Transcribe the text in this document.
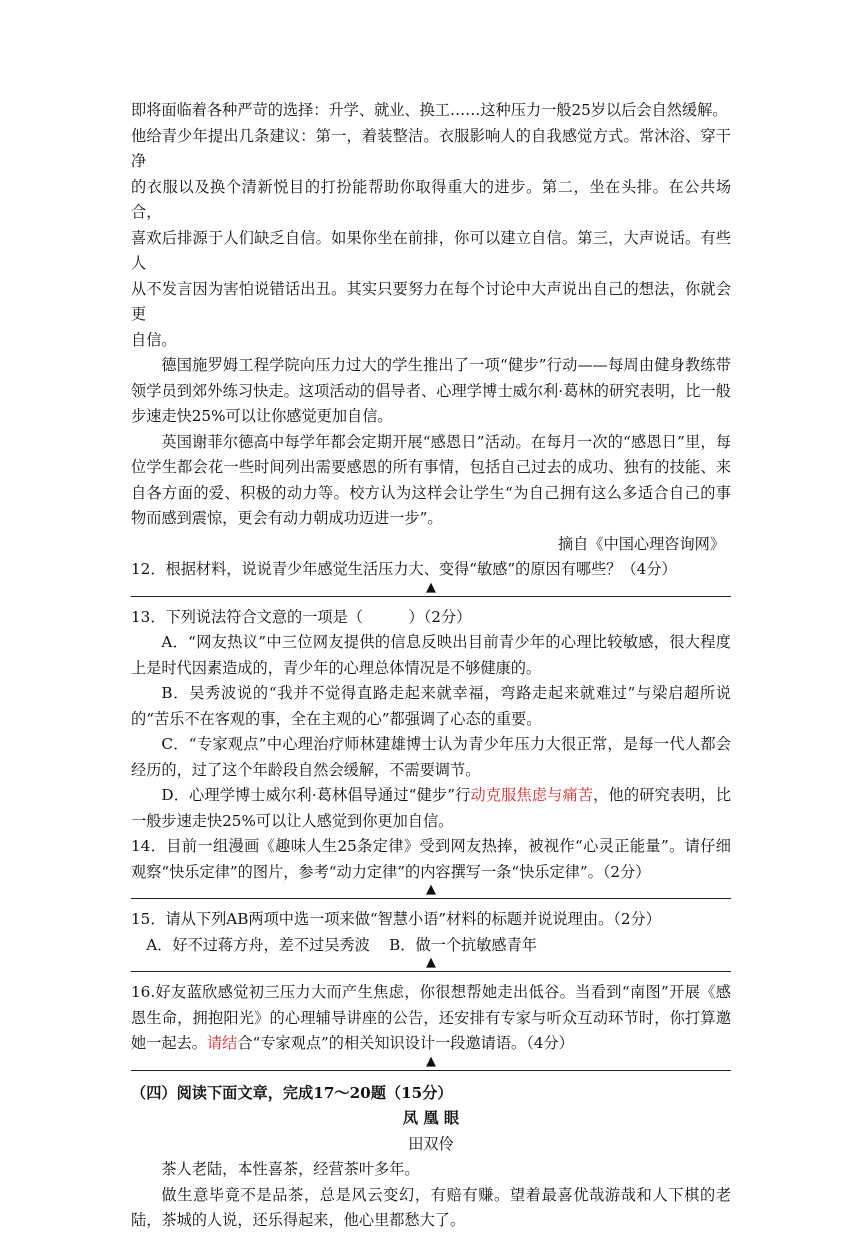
即将面临着各种严苛的选择：升学、就业、换工……这种压力一般25岁以后会自然缓解。

他给青少年提出几条建议：第一，着装整洁。衣服影响人的自我感觉方式。常沐浴、穿干净

的衣服以及换个清新悦目的打扮能帮助你取得重大的进步。第二，坐在头排。在公共场合，

喜欢后排源于人们缺乏自信。如果你坐在前排，你可以建立自信。第三，大声说话。有些人

从不发言因为害怕说错话出丑。其实只要努力在每个讨论中大声说出自己的想法，你就会更

自信。

德国施罗姆工程学院向压力过大的学生推出了一项“健步”行动——每周由健身教练带领学员到郊外练习快走。这项活动的倡导者、心理学博士威尔利·葛林的研究表明，比一般步速走快25%可以让你感觉更加自信。

英国谢菲尔德高中每学年都会定期开展“感恩日”活动。在每月一次的“感恩日”里，每位学生都会花一些时间列出需要感恩的所有事情，包括自己过去的成功、独有的技能、来自各方面的爱、积极的动力等。校方认为这样会让学生“为自己拥有这么多适合自己的事物而感到震惊，更会有动力朝成功迈进一步”。

摘自《中国心理咨询网》

12．根据材料，说说青少年感觉生活压力大、变得“敏感”的原因有哪些？（4分）

▲

13．下列说法符合文意的一项是（　　　）（2分）

A．“网友热议”中三位网友提供的信息反映出目前青少年的心理比较敏感，很大程度上是时代因素造成的，青少年的心理总体情况是不够健康的。

B．吴秀波说的“我并不觉得直路走起来就幸福，弯路走起来就难过”与梁启超所说的“苦乐不在客观的事，全在主观的心”都强调了心态的重要。

C．“专家观点”中心理治疗师林建雄博士认为青少年压力大很正常，是每一代人都会经历的，过了这个年龄段自然会缓解，不需要调节。

D．心理学博士威尔利·葛林倡导通过“健步”行动克服焦虑与痛苦，他的研究表明，比一般步速走快25%可以让人感觉到你更加自信。

14．目前一组漫画《趣味人生25条定律》受到网友热捧，被视作“心灵正能量”。请仔细观察“快乐定律”的图片，参考“动力定律”的内容撰写一条“快乐定律”。（2分）

▲

15．请从下列AB两项中选一项来做“智慧小语”材料的标题并说说理由。（2分）

A．好不过蒋方舟，差不过吴秀波 B．做一个抗敏感青年

▲

16.好友蓝欣感觉初三压力大而产生焦虑，你很想帮她走出低谷。当看到“南图”开展《感恩生命，拥抱阳光》的心理辅导讲座的公告，还安排有专家与听众互动环节时，你打算邀她一起去。请结合“专家观点”的相关知识设计一段邀请语。（4分）

▲

（四）阅读下面文章，完成17～20题（15分）

凤 凰 眼

田双伶

茶人老陆，本性喜茶，经营茶叶多年。

做生意毕竟不是品茶，总是风云变幻，有赔有赚。望着最喜优哉游哉和人下棋的老陆，茶城的人说，还乐得起来，他心里都愁大了。
